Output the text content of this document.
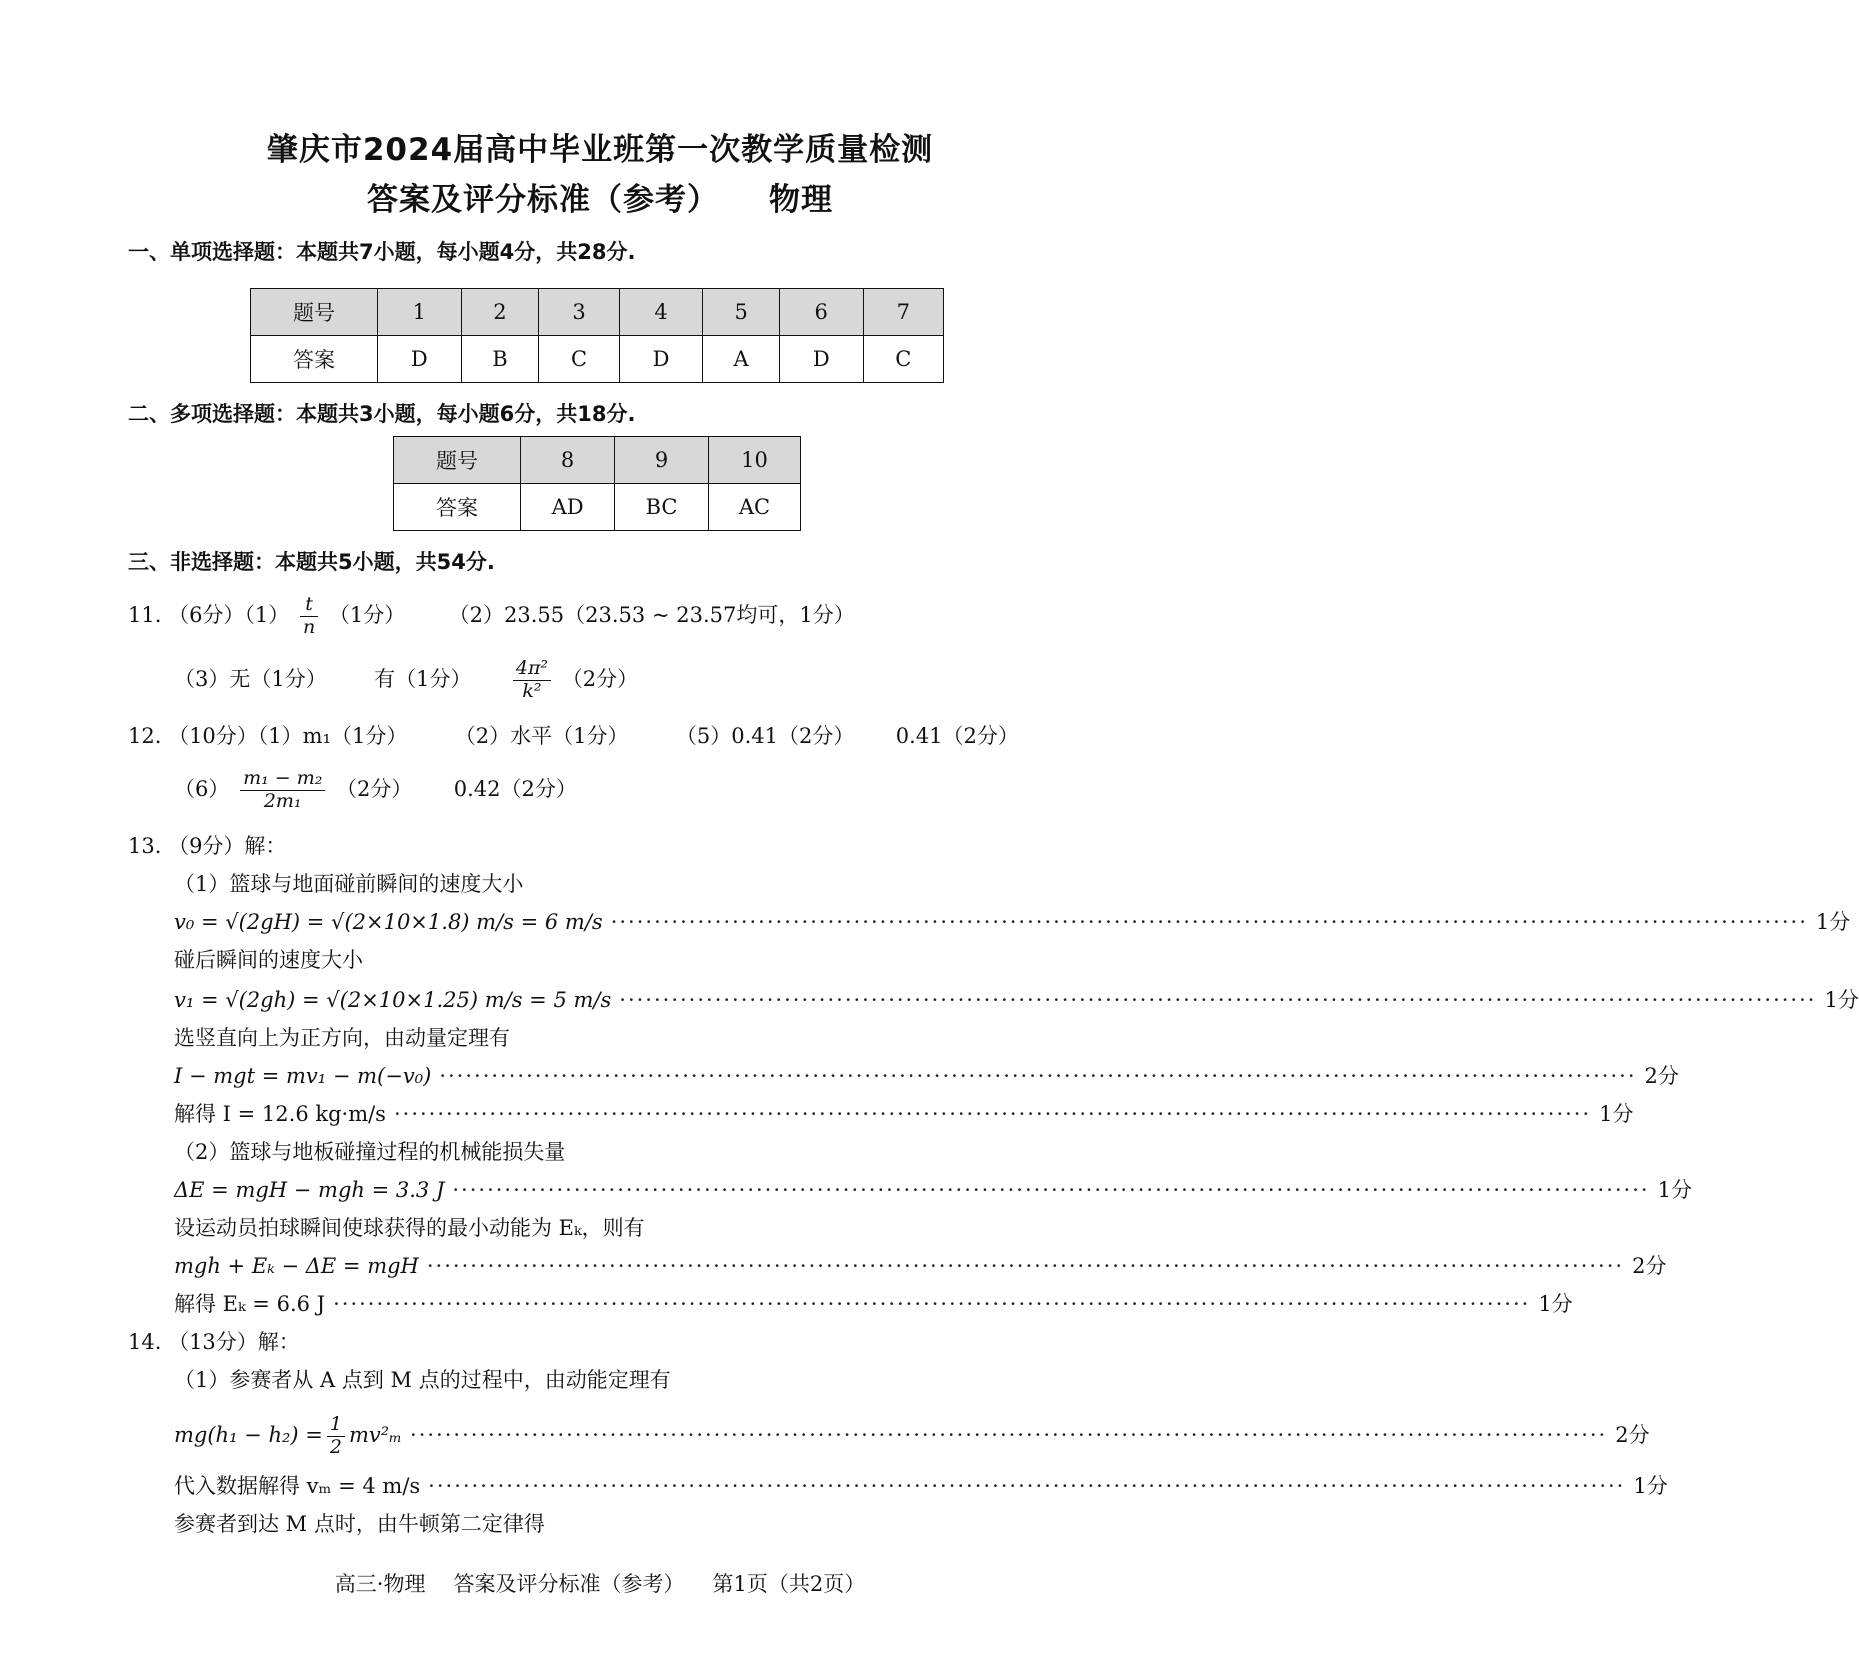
肇庆市2024届高中毕业班第一次教学质量检测
答案及评分标准（参考） 物理
一、单项选择题：本题共7小题，每小题4分，共28分.
题号	1	2	3	4	5	6	7
答案	D	B	C	D	A	D	C
二、多项选择题：本题共3小题，每小题6分，共18分.
题号	8	9	10
答案	AD	BC	AC
三、非选择题：本题共5小题，共54分.
11. （6分）$(1) \frac{t}{n} (1$分） （2）23.55（23.53 ~ 23.57均可，1分）
（3）无（1分） 有（1分） $\frac{\text{4π²}}{\text{k²}} (2$分）
12. （10分）（1）m₁（1分） （2）水平（1分） （5）0.41（2分） 0.41（2分）
$(6) \frac{\text{m₁ − m₂}}{\text{2m₁}} (2$分） 0.42（2分）
13. （9分）解：
（1）篮球与地面碰前瞬间的速度大小
v₀ = √(2gH) = √(2×10×1.8) m/s = 6 m/s ·········································································································································· 1分
碰后瞬间的速度大小
v₁ = √(2gh) = √(2×10×1.25) m/s = 5 m/s ·········································································································································· 1分
选竖直向上为正方向，由动量定理有
I − mgt = mv₁ − m(−v₀) ·········································································································································· 2分
解得 I = 12.6 kg·m/s ·········································································································································· 1分
（2）篮球与地板碰撞过程的机械能损失量
ΔE = mgH − mgh = 3.3 J ·········································································································································· 1分
设运动员拍球瞬间使球获得的最小动能为 Eₖ，则有
mgh + Eₖ − ΔE = mgH ·········································································································································· 2分
解得 Eₖ = 6.6 J ·········································································································································· 1分
14. （13分）解：
（1）参赛者从 A 点到 M 点的过程中，由动能定理有
$mg(h_1 - h_2) = \frac{1}{2} mv^2_m$ ·········································································································································· 2分
代入数据解得 vₘ = 4 m/s ·········································································································································· 1分
参赛者到达 M 点时，由牛顿第二定律得
高三·物理 答案及评分标准（参考） 第1页（共2页）
